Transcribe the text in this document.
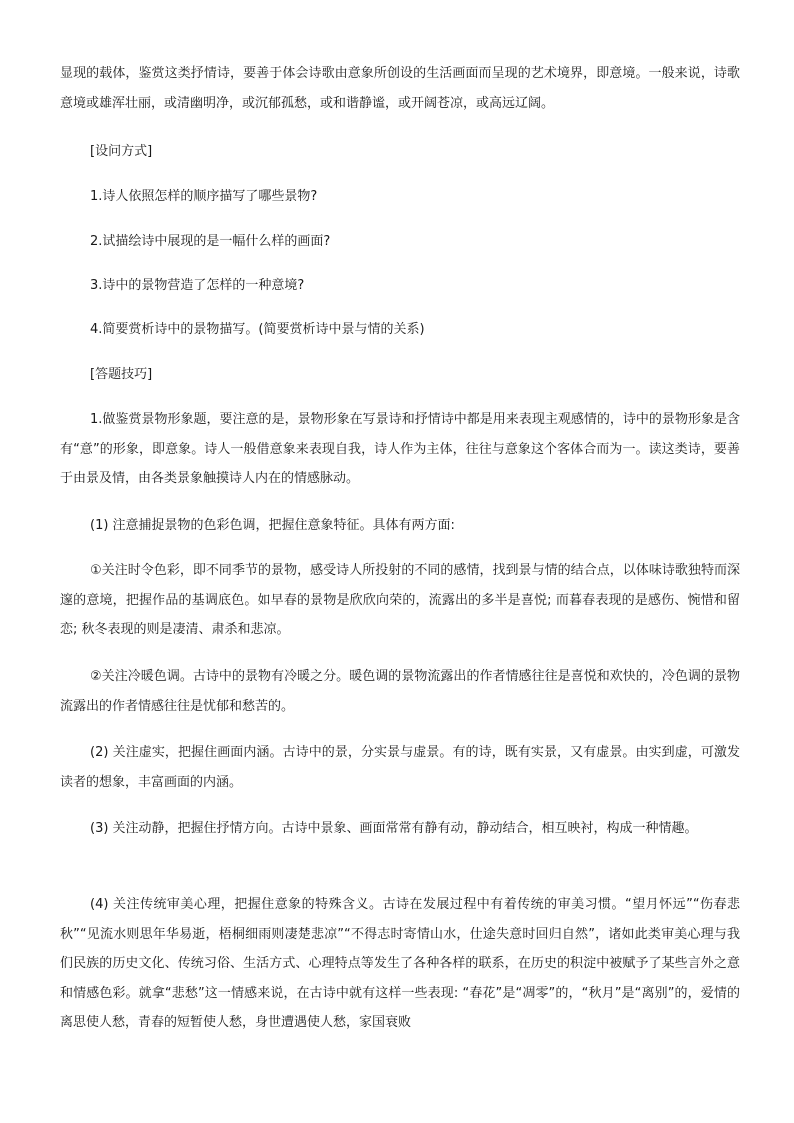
显现的载体，鉴赏这类抒情诗，要善于体会诗歌由意象所创设的生活画面而呈现的艺术境界，即意境。一般来说，诗歌意境或雄浑壮丽，或清幽明净，或沉郁孤愁，或和谐静谧，或开阔苍凉，或高远辽阔。

[设问方式]

1.诗人依照怎样的顺序描写了哪些景物?

2.试描绘诗中展现的是一幅什么样的画面?

3.诗中的景物营造了怎样的一种意境?

4.简要赏析诗中的景物描写。(简要赏析诗中景与情的关系)

[答题技巧]

1.做鉴赏景物形象题，要注意的是，景物形象在写景诗和抒情诗中都是用来表现主观感情的，诗中的景物形象是含有“意”的形象，即意象。诗人一般借意象来表现自我，诗人作为主体，往往与意象这个客体合而为一。读这类诗，要善于由景及情，由各类景象触摸诗人内在的情感脉动。

(1) 注意捕捉景物的色彩色调，把握住意象特征。具体有两方面:

①关注时令色彩，即不同季节的景物，感受诗人所投射的不同的感情，找到景与情的结合点，以体味诗歌独特而深邃的意境，把握作品的基调底色。如早春的景物是欣欣向荣的，流露出的多半是喜悦; 而暮春表现的是感伤、惋惜和留恋; 秋冬表现的则是凄清、肃杀和悲凉。

②关注冷暖色调。古诗中的景物有冷暖之分。暖色调的景物流露出的作者情感往往是喜悦和欢快的，冷色调的景物流露出的作者情感往往是忧郁和愁苦的。

(2) 关注虚实，把握住画面内涵。古诗中的景，分实景与虚景。有的诗，既有实景，又有虚景。由实到虚，可激发读者的想象，丰富画面的内涵。

(3) 关注动静，把握住抒情方向。古诗中景象、画面常常有静有动，静动结合，相互映衬，构成一种情趣。

(4) 关注传统审美心理，把握住意象的特殊含义。古诗在发展过程中有着传统的审美习惯。“望月怀远”“伤春悲秋”“见流水则思年华易逝，梧桐细雨则凄楚悲凉”“不得志时寄情山水，仕途失意时回归自然”，诸如此类审美心理与我们民族的历史文化、传统习俗、生活方式、心理特点等发生了各种各样的联系，在历史的积淀中被赋予了某些言外之意和情感色彩。就拿“悲愁”这一情感来说，在古诗中就有这样一些表现: “春花”是“凋零”的，“秋月”是“离别”的，爱情的离思使人愁，青春的短暂使人愁，身世遭遇使人愁，家国衰败
